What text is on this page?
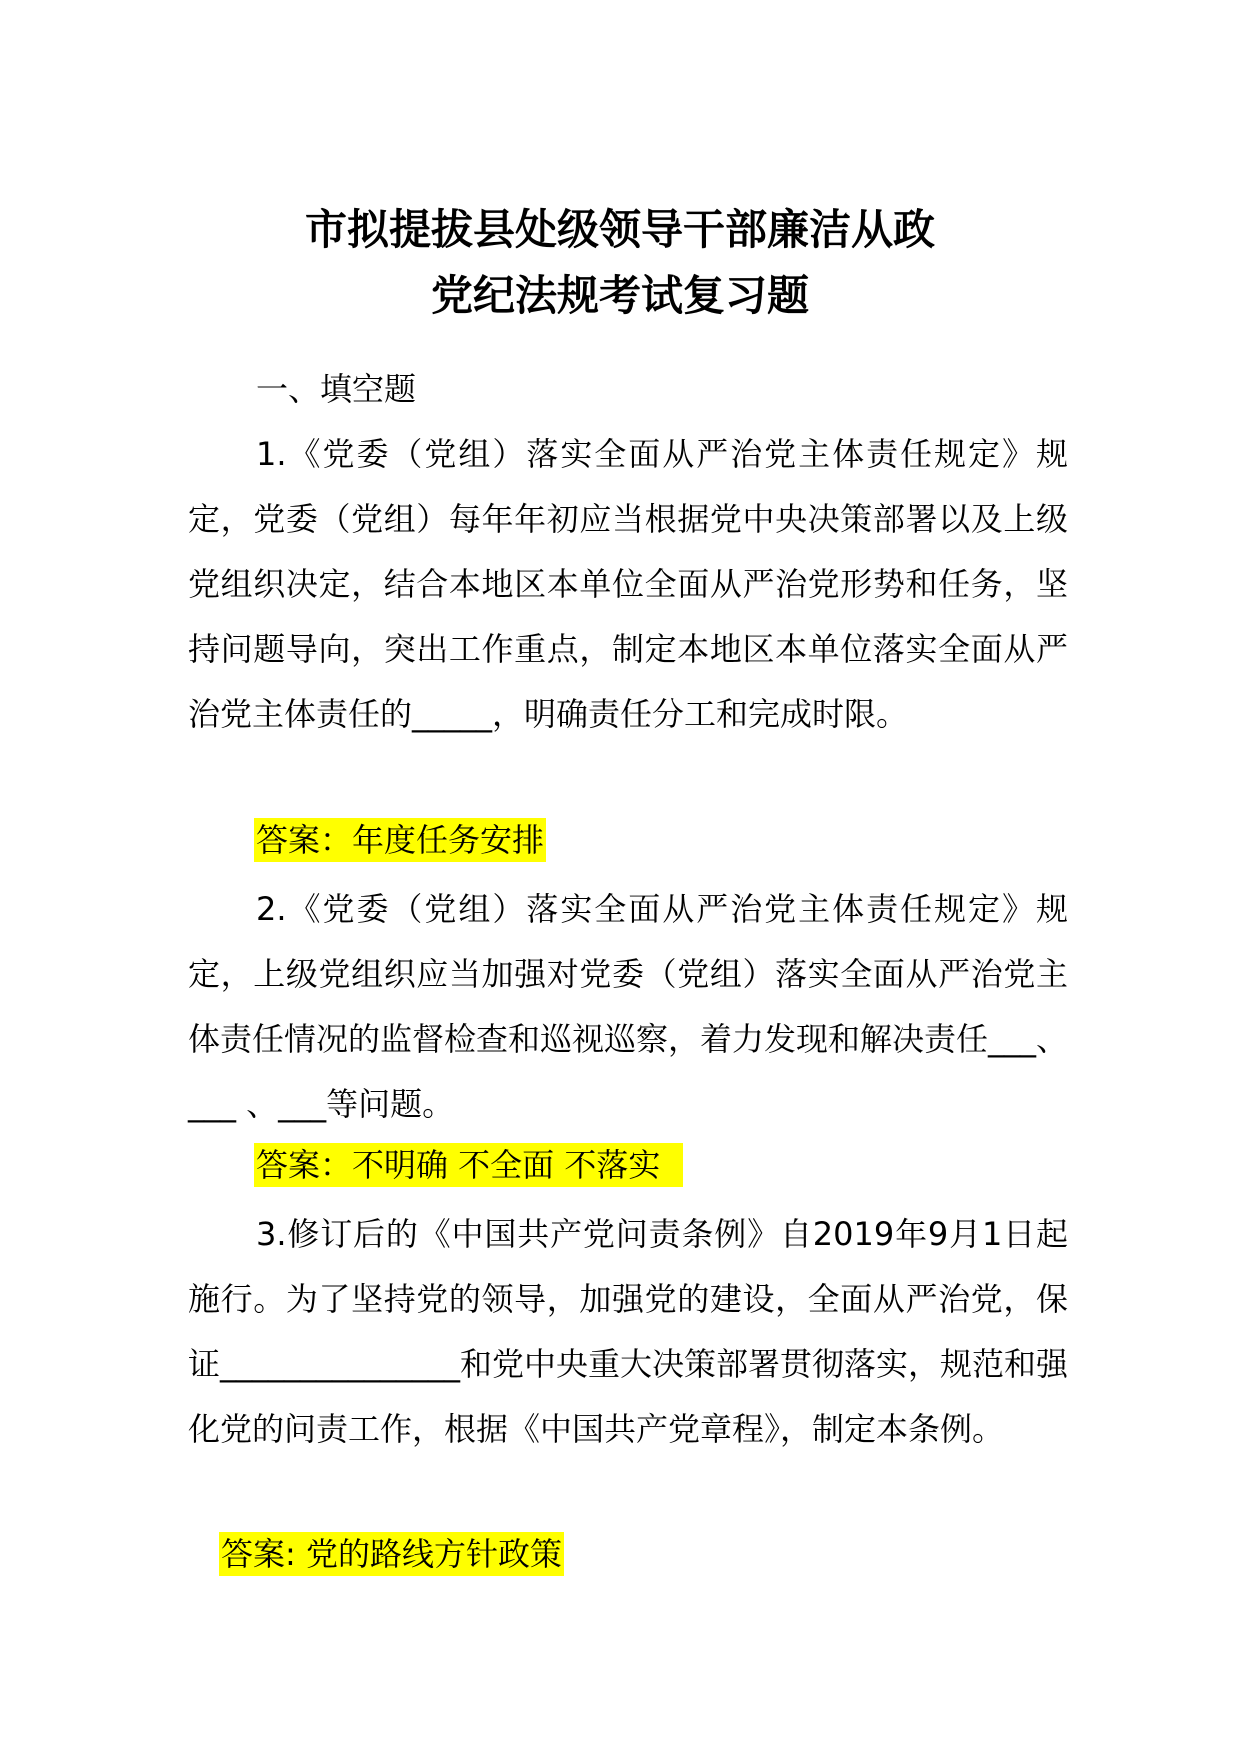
市拟提拔县处级领导干部廉洁从政
党纪法规考试复习题
一、填空题
1.《党委（党组）落实全面从严治党主体责任规定》规定，党委（党组）每年年初应当根据党中央决策部署以及上级党组织决定，结合本地区本单位全面从严治党形势和任务，坚持问题导向，突出工作重点，制定本地区本单位落实全面从严治党主体责任的_____，明确责任分工和完成时限。
答案：年度任务安排
2.《党委（党组）落实全面从严治党主体责任规定》规定，上级党组织应当加强对党委（党组）落实全面从严治党主体责任情况的监督检查和巡视巡察，着力发现和解决责任___、___ 、___等问题。
答案：不明确 不全面 不落实
3.修订后的《中国共产党问责条例》自2019年9月1日起施行。为了坚持党的领导，加强党的建设，全面从严治党，保证_______________和党中央重大决策部署贯彻落实，规范和强化党的问责工作，根据《中国共产党章程》，制定本条例。
答案: 党的路线方针政策
